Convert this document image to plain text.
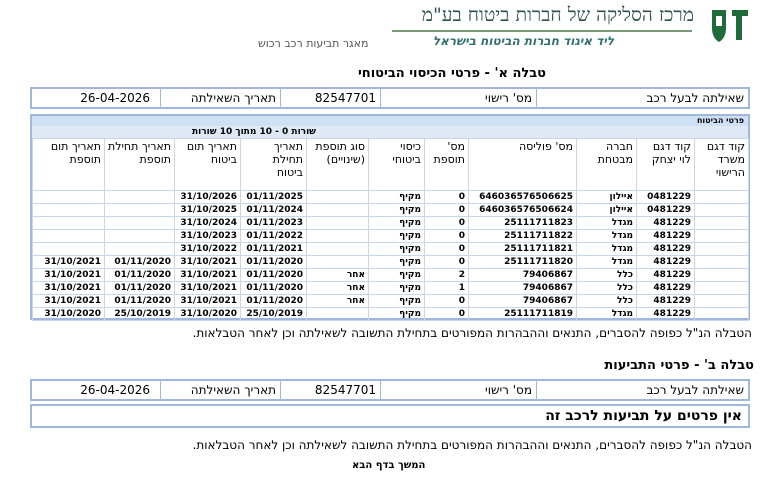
מרכז הסליקה של חברות ביטוח בע"מ
ליד איגוד חברות הביטוח בישראל
מאגר תביעות רכב רכוש
טבלה א' - פרטי הכיסוי הביטוחי
שאילתה לבעל רכב
מס' רישוי
82547701
תאריך השאילתה
26-04-2026
פרטי הביטוח
שורות 0 - 10 מתוך 10 שורות
קוד דגם משרד הרישוי	קוד דגם לוי יצחק	חברה מבטחת	מס' פוליסה	מס' תוספת	כיסוי ביטוחי	סוג תוספת (שינויים)	תאריך תחילת ביטוח	תאריך תום ביטוח	תאריך תחילת תוספת	תאריך תום תוספת
	0481229	איילון	646036576506625	0	מקיף		01/11/2025	31/10/2026		
	0481229	איילון	646036576506624	0	מקיף		01/11/2024	31/10/2025		
	481229	מגדל	25111711823	0	מקיף		01/11/2023	31/10/2024		
	481229	מגדל	25111711822	0	מקיף		01/11/2022	31/10/2023		
	481229	מגדל	25111711821	0	מקיף		01/11/2021	31/10/2022		
	481229	מגדל	25111711820	0	מקיף		01/11/2020	31/10/2021	01/11/2020	31/10/2021
	481229	כלל	79406867	2	מקיף	אחר	01/11/2020	31/10/2021	01/11/2020	31/10/2021
	481229	כלל	79406867	1	מקיף	אחר	01/11/2020	31/10/2021	01/11/2020	31/10/2021
	481229	כלל	79406867	0	מקיף	אחר	01/11/2020	31/10/2021	01/11/2020	31/10/2021
	481229	מגדל	25111711819	0	מקיף		25/10/2019	31/10/2020	25/10/2019	31/10/2020
הטבלה הנ"ל כפופה להסברים, התנאים וההבהרות המפורטים בתחילת התשובה לשאילתה וכן לאחר הטבלאות.
טבלה ב' - פרטי התביעות
שאילתה לבעל רכב
מס' רישוי
82547701
תאריך השאילתה
26-04-2026
אין פרטים על תביעות לרכב זה
הטבלה הנ"ל כפופה להסברים, התנאים וההבהרות המפורטים בתחילת התשובה לשאילתה וכן לאחר הטבלאות.
המשך בדף הבא
